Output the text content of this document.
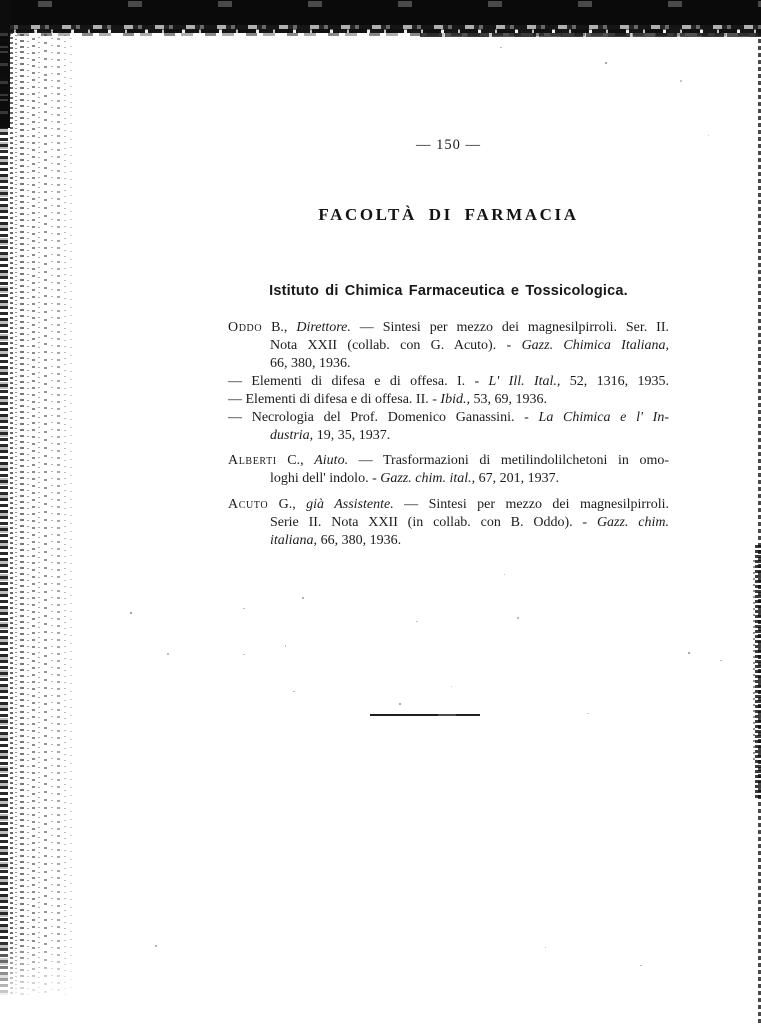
— 150 —
FACOLTÀ DI FARMACIA
Istituto di Chimica Farmaceutica e Tossicologica.
Oddo B., Direttore. — Sintesi per mezzo dei magnesilpirroli. Ser. II.
Nota XXII (collab. con G. Acuto). - Gazz. Chimica Italiana,
66, 380, 1936.
— Elementi di difesa e di offesa. I. - L' Ill. Ital., 52, 1316, 1935.
— Elementi di difesa e di offesa. II. - Ibid., 53, 69, 1936.
— Necrologia del Prof. Domenico Ganassini. - La Chimica e l' In-
dustria, 19, 35, 1937.
Alberti C., Aiuto. — Trasformazioni di metilindolilchetoni in omo-
loghi dell' indolo. - Gazz. chim. ital., 67, 201, 1937.
Acuto G., già Assistente. — Sintesi per mezzo dei magnesilpirroli.
Serie II. Nota XXII (in collab. con B. Oddo). - Gazz. chim.
italiana, 66, 380, 1936.
